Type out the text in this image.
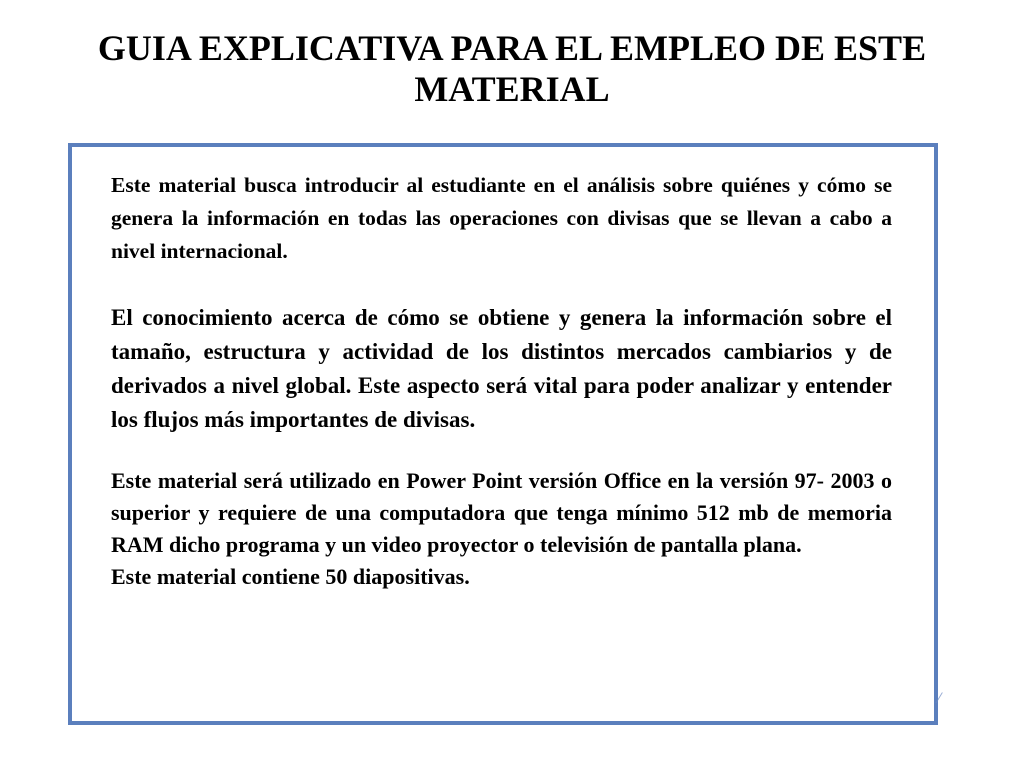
GUIA EXPLICATIVA PARA EL EMPLEO DE ESTE MATERIAL

Este material busca introducir al estudiante en el análisis sobre quiénes y cómo se genera la información en todas las operaciones con divisas que se llevan a cabo a nivel internacional.

El conocimiento acerca de cómo se obtiene y genera la información sobre el tamaño, estructura y actividad de los distintos mercados cambiarios y de derivados a nivel global. Este aspecto será vital para poder analizar y entender los flujos más importantes de divisas.

Este material será utilizado en Power Point versión Office en la versión 97- 2003 o superior y requiere de una computadora que tenga mínimo 512 mb de memoria RAM dicho programa y un video proyector o televisión de pantalla plana.

Este material contiene 50 diapositivas.

⁄
